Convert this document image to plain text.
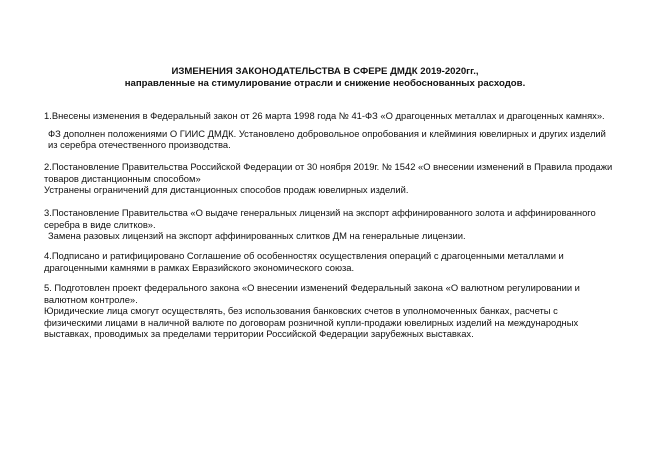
ИЗМЕНЕНИЯ ЗАКОНОДАТЕЛЬСТВА В СФЕРЕ ДМДК 2019-2020гг.,
направленные на стимулирование отрасли и снижение необоснованных расходов.
1.Внесены изменения в Федеральный закон от 26 марта 1998 года № 41-ФЗ «О драгоценных металлах и драгоценных камнях».
ФЗ дополнен положениями О ГИИС ДМДК. Установлено добровольное опробования и клейминия ювелирных и других изделий
из серебра отечественного производства.
2.Постановление Правительства Российской Федерации от 30 ноября 2019г. № 1542 «О внесении изменений в Правила продажи
товаров дистанционным способом»
Устранены ограничений для дистанционных способов продаж ювелирных изделий.
3.Постановление Правительства «О выдаче генеральных лицензий на экспорт аффинированного золота и аффинированного
серебра в виде слитков».
Замена разовых лицензий на экспорт аффинированных слитков ДМ на генеральные лицензии.
4.Подписано и ратифицировано Соглашение об особенностях осуществления операций с драгоценными металлами и
драгоценными камнями в рамках Евразийского экономического союза.
5. Подготовлен проект федерального закона «О внесении изменений Федеральный закона «О валютном регулировании и
валютном контроле».
Юридические лица смогут осуществлять, без использования банковских счетов в уполномоченных банках, расчеты с
физическими лицами в наличной валюте по договорам розничной купли-продажи ювелирных изделий на международных
выставках, проводимых за пределами территории Российской Федерации зарубежных выставках.
